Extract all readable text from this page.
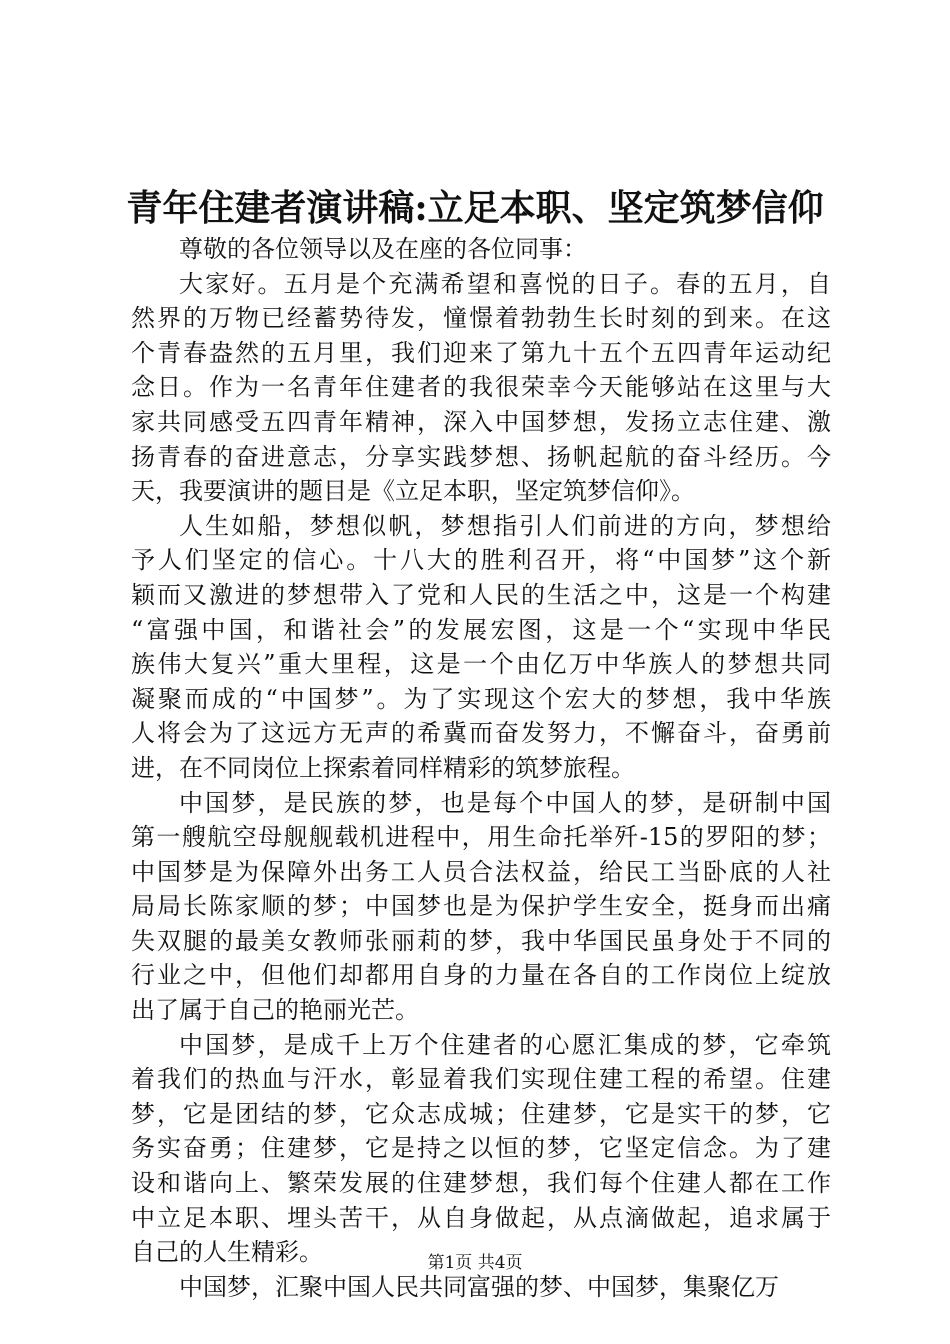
青年住建者演讲稿:立足本职、坚定筑梦信仰
尊敬的各位领导以及在座的各位同事：
大家好。五月是个充满希望和喜悦的日子。春的五月，自
然界的万物已经蓄势待发，憧憬着勃勃生长时刻的到来。在这
个青春盎然的五月里，我们迎来了第九十五个五四青年运动纪
念日。作为一名青年住建者的我很荣幸今天能够站在这里与大
家共同感受五四青年精神，深入中国梦想，发扬立志住建、激
扬青春的奋进意志，分享实践梦想、扬帆起航的奋斗经历。今
天，我要演讲的题目是《立足本职，坚定筑梦信仰》。
人生如船，梦想似帆，梦想指引人们前进的方向，梦想给
予人们坚定的信心。十八大的胜利召开，将“中国梦”这个新
颖而又激进的梦想带入了党和人民的生活之中，这是一个构建
“富强中国，和谐社会”的发展宏图，这是一个“实现中华民
族伟大复兴”重大里程，这是一个由亿万中华族人的梦想共同
凝聚而成的“中国梦”。为了实现这个宏大的梦想，我中华族
人将会为了这远方无声的希冀而奋发努力，不懈奋斗，奋勇前
进，在不同岗位上探索着同样精彩的筑梦旅程。
中国梦，是民族的梦，也是每个中国人的梦，是研制中国
第一艘航空母舰舰载机进程中，用生命托举歼-15的罗阳的梦；
中国梦是为保障外出务工人员合法权益，给民工当卧底的人社
局局长陈家顺的梦；中国梦也是为保护学生安全，挺身而出痛
失双腿的最美女教师张丽莉的梦，我中华国民虽身处于不同的
行业之中，但他们却都用自身的力量在各自的工作岗位上绽放
出了属于自己的艳丽光芒。
中国梦，是成千上万个住建者的心愿汇集成的梦，它牵筑
着我们的热血与汗水，彰显着我们实现住建工程的希望。住建
梦，它是团结的梦，它众志成城；住建梦，它是实干的梦，它
务实奋勇；住建梦，它是持之以恒的梦，它坚定信念。为了建
设和谐向上、繁荣发展的住建梦想，我们每个住建人都在工作
中立足本职、埋头苦干，从自身做起，从点滴做起，追求属于
自己的人生精彩。
中国梦，汇聚中国人民共同富强的梦、中国梦，集聚亿万
第1页 共4页
